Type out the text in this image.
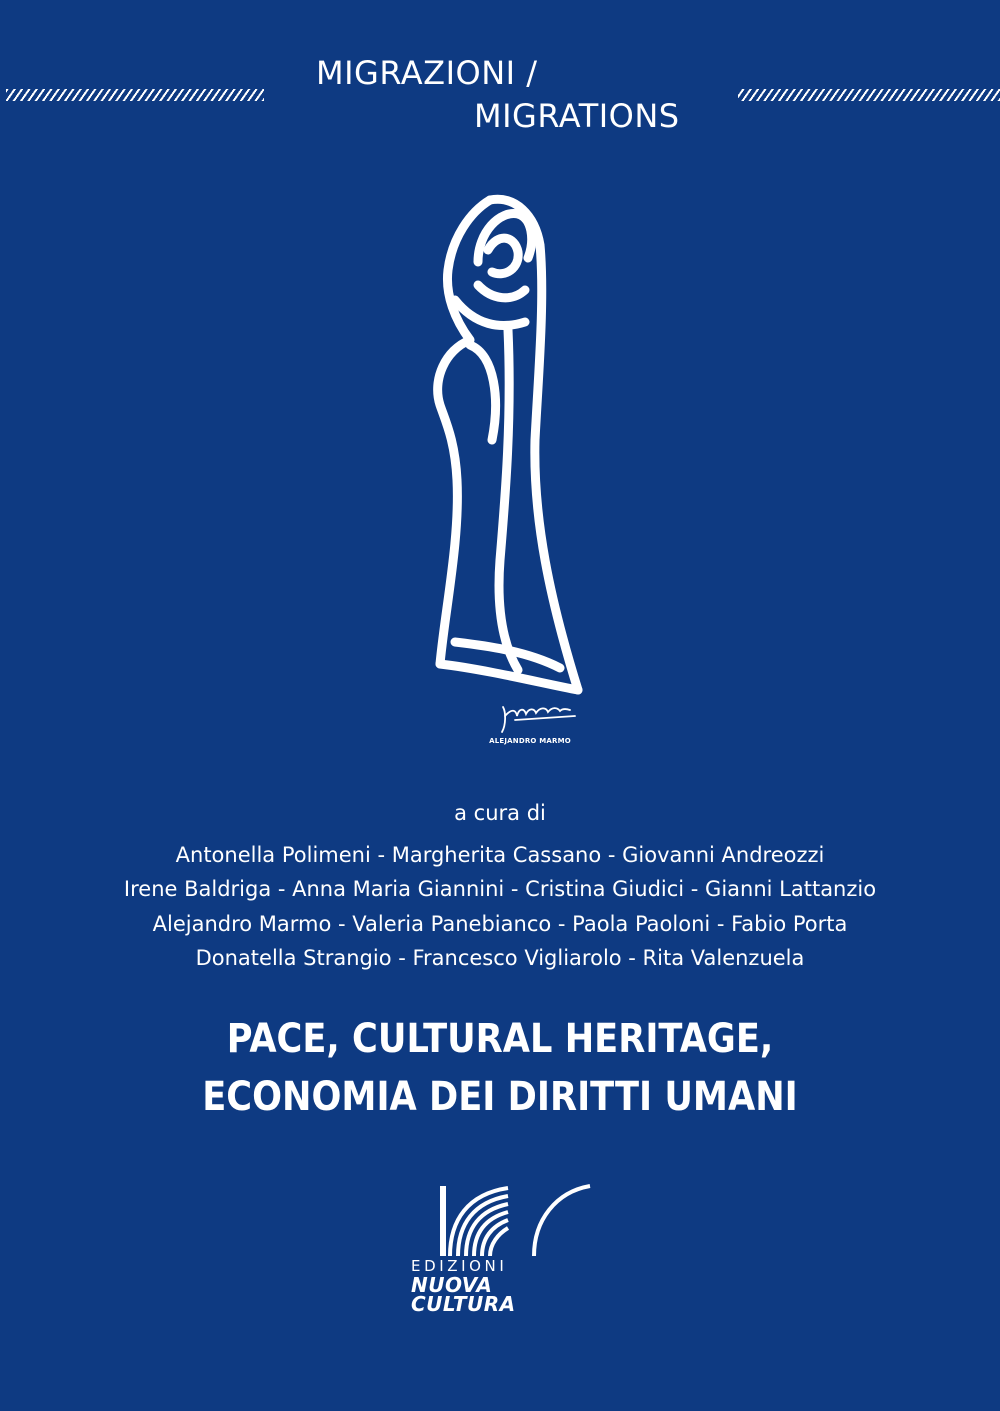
MIGRAZIONI /
MIGRATIONS
ALEJANDRO MARMO
a cura di
Antonella Polimeni - Margherita Cassano - Giovanni Andreozzi
Irene Baldriga - Anna Maria Giannini - Cristina Giudici - Gianni Lattanzio
Alejandro Marmo - Valeria Panebianco - Paola Paoloni - Fabio Porta
Donatella Strangio - Francesco Vigliarolo - Rita Valenzuela
PACE, CULTURAL HERITAGE,
ECONOMIA DEI DIRITTI UMANI
EDIZIONI
NUOVA
CULTURA
